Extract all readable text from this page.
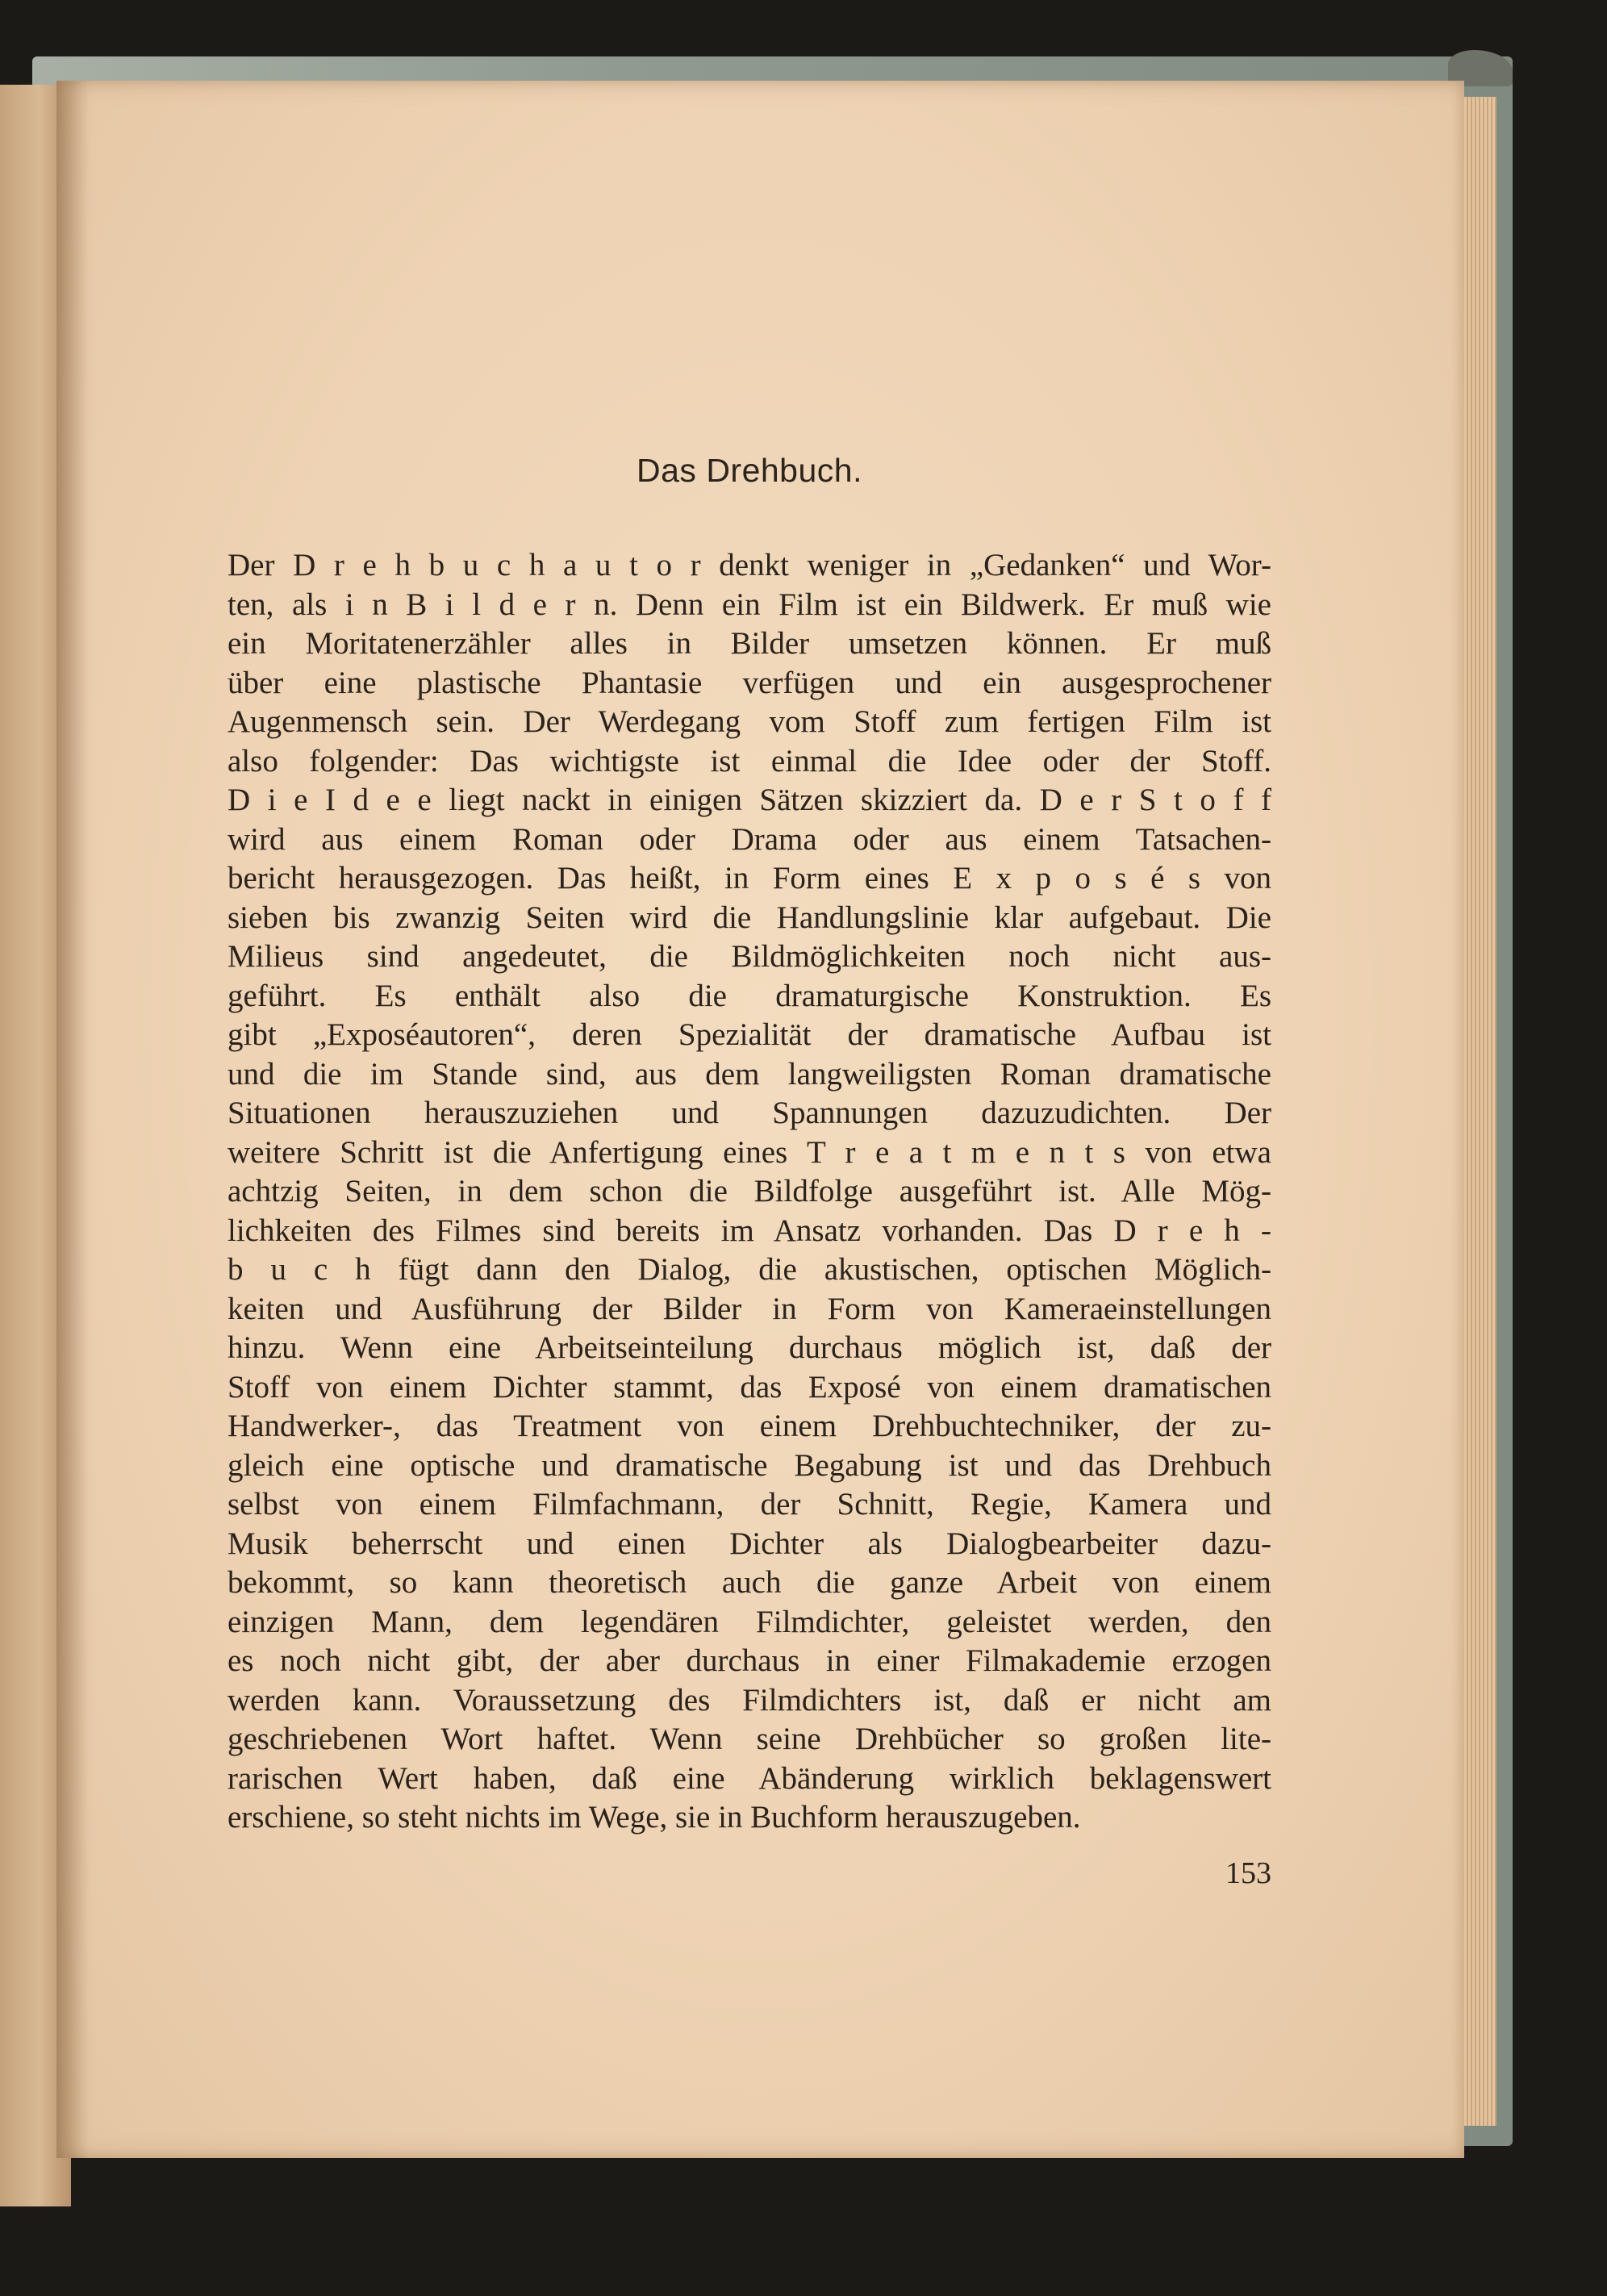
Das Drehbuch.
Der D r e h b u c h a u t o r denkt weniger in „Gedanken“ und Wor-
ten, als i n B i l d e r n. Denn ein Film ist ein Bildwerk. Er muß wie
ein Moritatenerzähler alles in Bilder umsetzen können. Er muß
über eine plastische Phantasie verfügen und ein ausgesprochener
Augenmensch sein. Der Werdegang vom Stoff zum fertigen Film ist
also folgender: Das wichtigste ist einmal die Idee oder der Stoff.
D i e I d e e liegt nackt in einigen Sätzen skizziert da. D e r S t o f f
wird aus einem Roman oder Drama oder aus einem Tatsachen-
bericht herausgezogen. Das heißt, in Form eines E x p o s é s von
sieben bis zwanzig Seiten wird die Handlungslinie klar aufgebaut. Die
Milieus sind angedeutet, die Bildmöglichkeiten noch nicht aus-
geführt. Es enthält also die dramaturgische Konstruktion. Es
gibt „Exposéautoren“, deren Spezialität der dramatische Aufbau ist
und die im Stande sind, aus dem langweiligsten Roman dramatische
Situationen herauszuziehen und Spannungen dazuzudichten. Der
weitere Schritt ist die Anfertigung eines T r e a t m e n t s von etwa
achtzig Seiten, in dem schon die Bildfolge ausgeführt ist. Alle Mög-
lichkeiten des Filmes sind bereits im Ansatz vorhanden. Das D r e h -
b u c h fügt dann den Dialog, die akustischen, optischen Möglich-
keiten und Ausführung der Bilder in Form von Kameraeinstellungen
hinzu. Wenn eine Arbeitseinteilung durchaus möglich ist, daß der
Stoff von einem Dichter stammt, das Exposé von einem dramatischen
Handwerker-, das Treatment von einem Drehbuchtechniker, der zu-
gleich eine optische und dramatische Begabung ist und das Drehbuch
selbst von einem Filmfachmann, der Schnitt, Regie, Kamera und
Musik beherrscht und einen Dichter als Dialogbearbeiter dazu-
bekommt, so kann theoretisch auch die ganze Arbeit von einem
einzigen Mann, dem legendären Filmdichter, geleistet werden, den
es noch nicht gibt, der aber durchaus in einer Filmakademie erzogen
werden kann. Voraussetzung des Filmdichters ist, daß er nicht am
geschriebenen Wort haftet. Wenn seine Drehbücher so großen lite-
rarischen Wert haben, daß eine Abänderung wirklich beklagenswert
erschiene, so steht nichts im Wege, sie in Buchform herauszugeben.
153
